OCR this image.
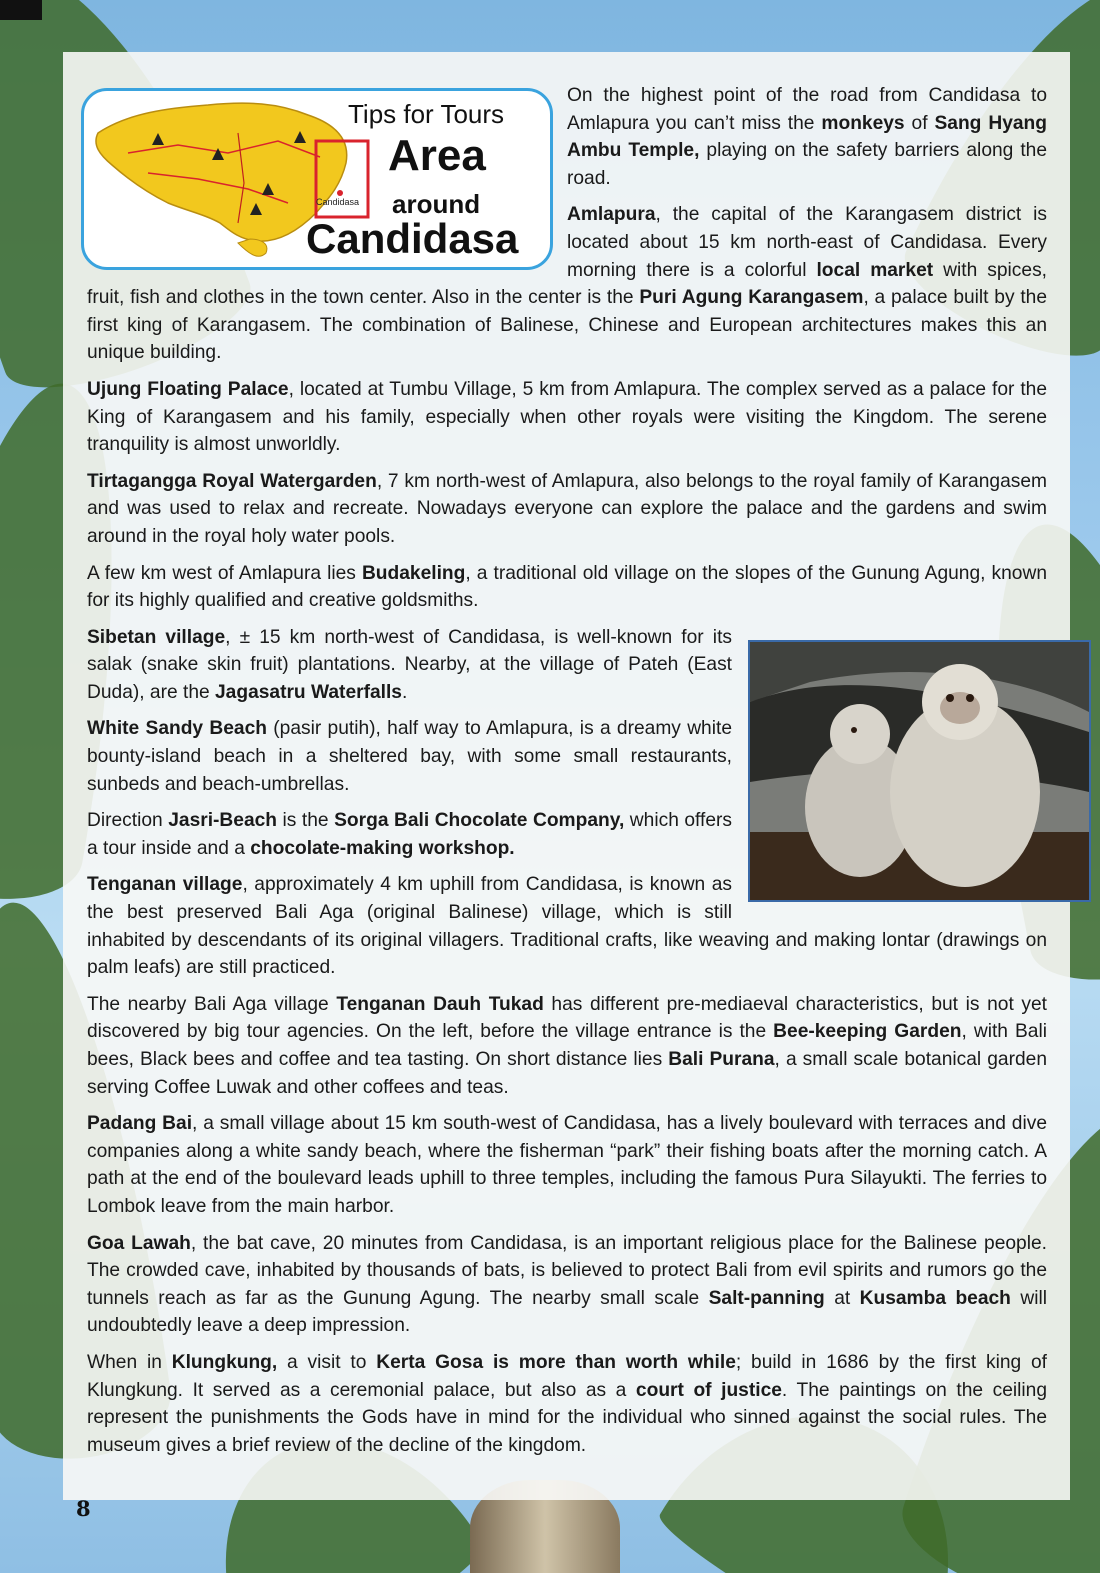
Candidasa
Tips for Tours
Area
around
Candidasa

On the highest point of the road from Candidasa to Amlapura you can’t miss the monkeys of Sang Hyang Ambu Temple, playing on the safety barriers along the road.

Amlapura, the capital of the Karangasem district is located about 15 km north-east of Candidasa. Every morning there is a colorful local market with spices, fruit, fish and clothes in the town center. Also in the center is the Puri Agung Karangasem, a palace built by the first king of Karangasem. The combination of Balinese, Chinese and European architectures makes this an unique building.

Ujung Floating Palace, located at Tumbu Village, 5 km from Amlapura. The complex served as a palace for the King of Karangasem and his family, especially when other royals were visiting the Kingdom. The serene tranquility is almost unworldly.

Tirtagangga Royal Watergarden, 7 km north-west of Amlapura, also belongs to the royal family of Karangasem and was used to relax and recreate. Nowadays everyone can explore the palace and the gardens and swim around in the royal holy water pools.

A few km west of Amlapura lies Budakeling, a traditional old village on the slopes of the Gunung Agung, known for its highly qualified and creative goldsmiths.

Sibetan village, ± 15 km north-west of Candidasa, is well-known for its salak (snake skin fruit) plantations. Nearby, at the village of Pateh (East Duda), are the Jagasatru Waterfalls.

White Sandy Beach (pasir putih), half way to Amlapura, is a dreamy white bounty-island beach in a sheltered bay, with some small restaurants, sunbeds and beach-umbrellas.

Direction Jasri-Beach is the Sorga Bali Chocolate Company, which offers a tour inside and a chocolate-making workshop.

Tenganan village, approximately 4 km uphill from Candidasa, is known as the best preserved Bali Aga (original Balinese) village, which is still inhabited by descendants of its original villagers. Traditional crafts, like weaving and making lontar (drawings on palm leafs) are still practiced.

The nearby Bali Aga village Tenganan Dauh Tukad has different pre-mediaeval characteristics, but is not yet discovered by big tour agencies. On the left, before the village entrance is the Bee-keeping Garden, with Bali bees, Black bees and coffee and tea tasting. On short distance lies Bali Purana, a small scale botanical garden serving Coffee Luwak and other coffees and teas.

Padang Bai, a small village about 15 km south-west of Candidasa, has a lively boulevard with terraces and dive companies along a white sandy beach, where the fisherman “park” their fishing boats after the morning catch. A path at the end of the boulevard leads uphill to three temples, including the famous Pura Silayukti. The ferries to Lombok leave from the main harbor.

Goa Lawah, the bat cave, 20 minutes from Candidasa, is an important religious place for the Balinese people. The crowded cave, inhabited by thousands of bats, is believed to protect Bali from evil spirits and rumors go the tunnels reach as far as the Gunung Agung. The nearby small scale Salt-panning at Kusamba beach will undoubtedly leave a deep impression.

When in Klungkung, a visit to Kerta Gosa is more than worth while; build in 1686 by the first king of Klungkung. It served as a ceremonial palace, but also as a court of justice. The paintings on the ceiling represent the punishments the Gods have in mind for the individual who sinned against the social rules. The museum gives a brief review of the decline of the kingdom.

8
